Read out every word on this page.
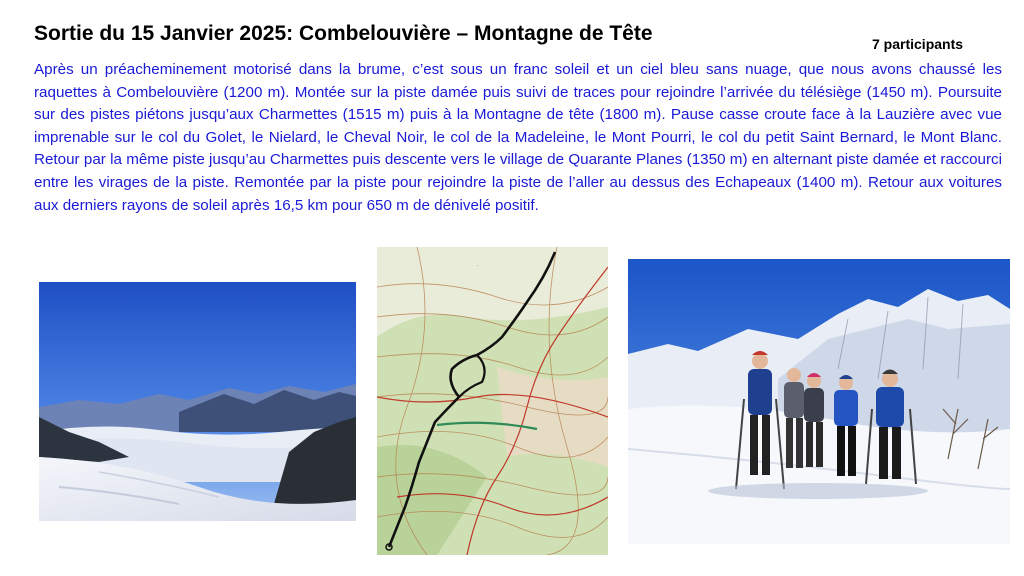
Sortie du 15 Janvier 2025: Combelouvière – Montagne de Tête	7 participants
Après un préacheminement motorisé dans la brume, c’est sous un franc soleil et un ciel bleu sans nuage, que nous avons chaussé les raquettes à Combelouvière (1200 m). Montée sur la piste damée puis suivi de traces pour rejoindre l’arrivée du télésiège (1450 m). Poursuite sur des pistes piétons jusqu’aux Charmettes (1515 m) puis à la Montagne de tête (1800 m). Pause casse croute face à la Lauzière avec vue imprenable sur le col du Golet, le Nielard, le Cheval Noir, le col de la Madeleine, le Mont Pourri, le col du petit Saint Bernard, le Mont Blanc. Retour par la même piste jusqu’au Charmettes puis descente vers le village de Quarante Planes (1350 m) en alternant piste damée et raccourci entre les virages de la piste. Remontée par la piste pour rejoindre la piste de l’aller au dessus des Echapeaux (1400 m). Retour aux voitures aux derniers rayons de soleil après 16,5 km pour 650 m de dénivelé positif.
·
